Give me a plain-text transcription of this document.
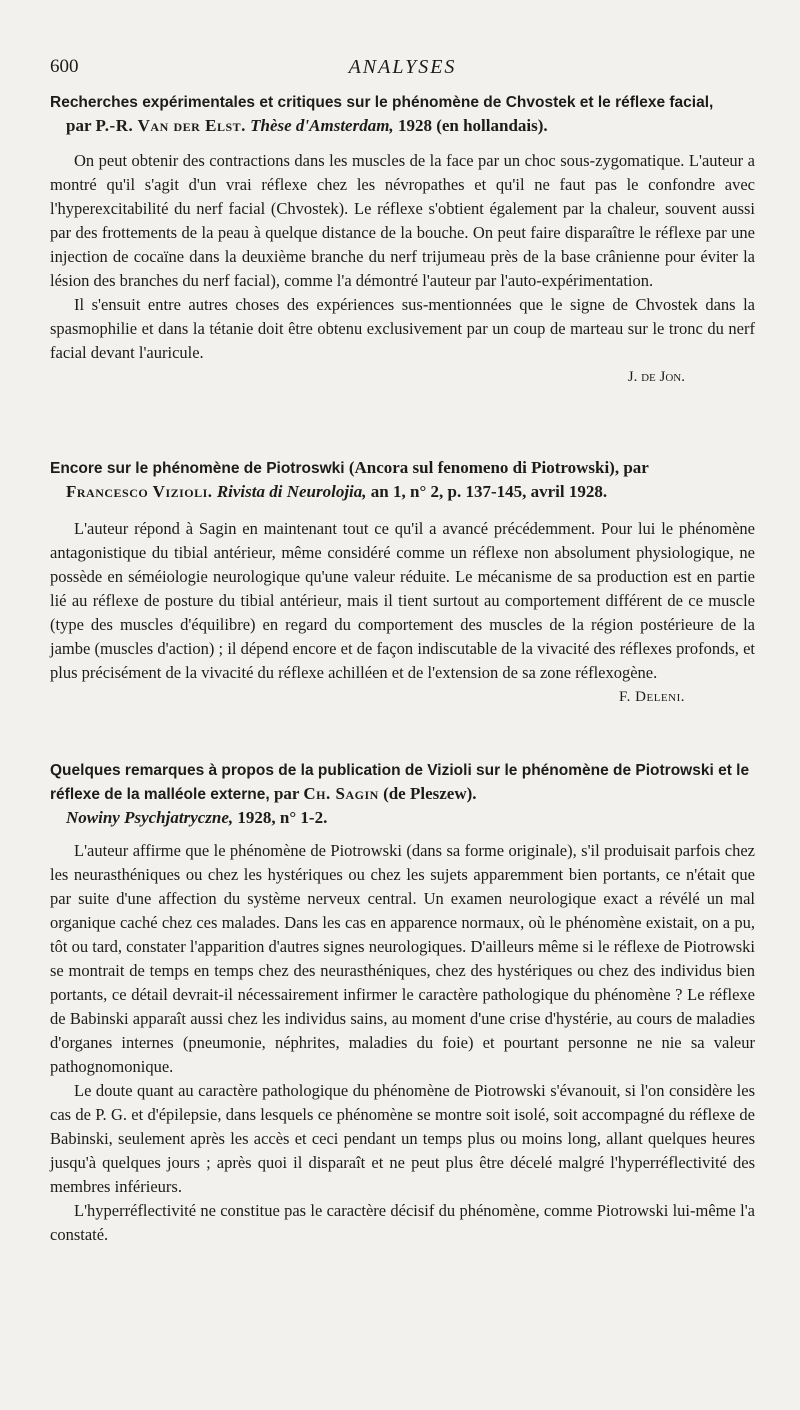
600	ANALYSES
Recherches expérimentales et critiques sur le phénomène de Chvostek et le réflexe facial,
par P.-R. Van der Elst. Thèse d'Amsterdam, 1928 (en hollandais).

On peut obtenir des contractions dans les muscles de la face par un choc sous-zygomatique. L'auteur a montré qu'il s'agit d'un vrai réflexe chez les névropathes et qu'il ne faut pas le confondre avec l'hyperexcitabilité du nerf facial (Chvostek). Le réflexe s'obtient également par la chaleur, souvent aussi par des frottements de la peau à quelque distance de la bouche. On peut faire disparaître le réflexe par une injection de cocaïne dans la deuxième branche du nerf trijumeau près de la base crânienne pour éviter la lésion des branches du nerf facial), comme l'a démontré l'auteur par l'auto-expérimentation.

Il s'ensuit entre autres choses des expériences sus-mentionnées que le signe de Chvostek dans la spasmophilie et dans la tétanie doit être obtenu exclusivement par un coup de marteau sur le tronc du nerf facial devant l'auricule.

J. de Jon.

Encore sur le phénomène de Piotroswki (Ancora sul fenomeno di Piotrowski), par
Francesco Vizioli. Rivista di Neurolojia, an 1, n° 2, p. 137-145, avril 1928.

L'auteur répond à Sagin en maintenant tout ce qu'il a avancé précédemment. Pour lui le phénomène antagonistique du tibial antérieur, même considéré comme un réflexe non absolument physiologique, ne possède en séméiologie neurologique qu'une valeur réduite. Le mécanisme de sa production est en partie lié au réflexe de posture du tibial antérieur, mais il tient surtout au comportement différent de ce muscle (type des muscles d'équilibre) en regard du comportement des muscles de la région postérieure de la jambe (muscles d'action) ; il dépend encore et de façon indiscutable de la vivacité des réflexes profonds, et plus précisément de la vivacité du réflexe achilléen et de l'extension de sa zone réflexogène.
F. Deleni.

Quelques remarques à propos de la publication de Vizioli sur le phénomène de Piotrowski et le réflexe de la malléole externe, par Ch. Sagin (de Pleszew).
Nowiny Psychjatryczne, 1928, n° 1-2.

L'auteur affirme que le phénomène de Piotrowski (dans sa forme originale), s'il produisait parfois chez les neurasthéniques ou chez les hystériques ou chez les sujets apparemment bien portants, ce n'était que par suite d'une affection du système nerveux central. Un examen neurologique exact a révélé un mal organique caché chez ces malades. Dans les cas en apparence normaux, où le phénomène existait, on a pu, tôt ou tard, constater l'apparition d'autres signes neurologiques. D'ailleurs même si le réflexe de Piotrowski se montrait de temps en temps chez des neurasthéniques, chez des hystériques ou chez des individus bien portants, ce détail devrait-il nécessairement infirmer le caractère pathologique du phénomène ? Le réflexe de Babinski apparaît aussi chez les individus sains, au moment d'une crise d'hystérie, au cours de maladies d'organes internes (pneumonie, néphrites, maladies du foie) et pourtant personne ne nie sa valeur pathognomonique.

Le doute quant au caractère pathologique du phénomène de Piotrowski s'évanouit, si l'on considère les cas de P. G. et d'épilepsie, dans lesquels ce phénomène se montre soit isolé, soit accompagné du réflexe de Babinski, seulement après les accès et ceci pendant un temps plus ou moins long, allant quelques heures jusqu'à quelques jours ; après quoi il disparaît et ne peut plus être décelé malgré l'hyperréflectivité des membres inférieurs.

L'hyperréflectivité ne constitue pas le caractère décisif du phénomène, comme Piotrowski lui-même l'a constaté.
